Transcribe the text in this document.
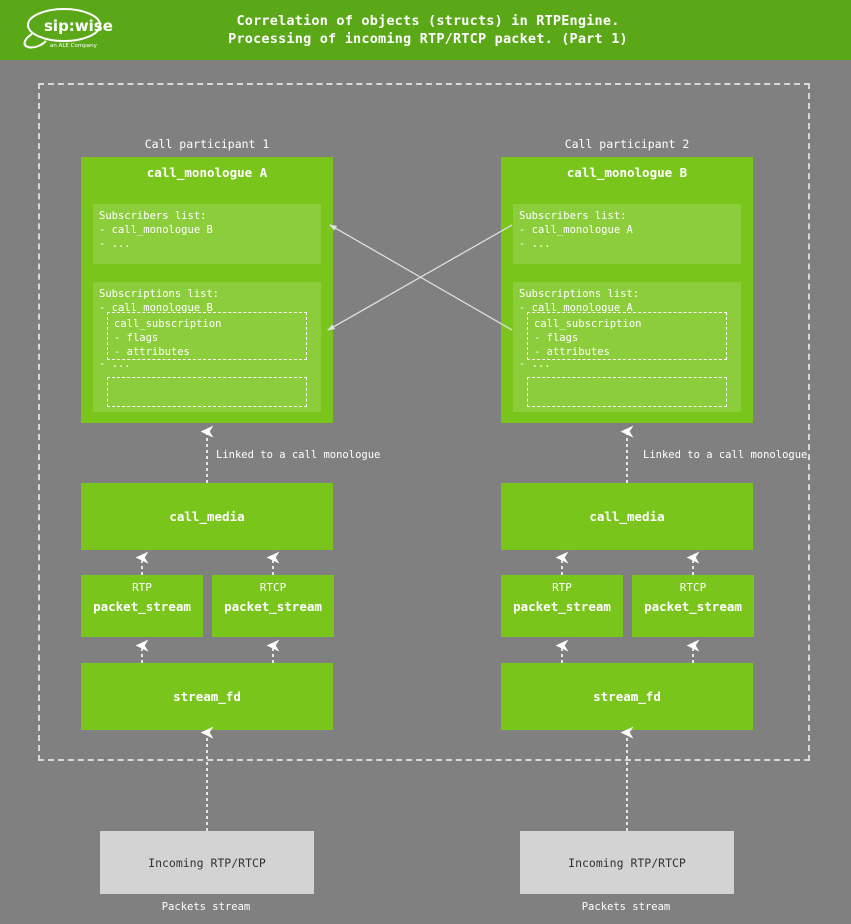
sip:wise
an ALE Company
Correlation of objects (structs) in RTPEngine.
Processing of incoming RTP/RTCP packet. (Part 1)
Call participant 1	Call participant 2
call_monologue A
Subscribers list:
- call_monologue B
- ...
Subscriptions list:
- call monologue B
call_subscription
- flags
- attributes
- ...
call_monologue B
Subscribers list:
- call_monologue A
- ...
Subscriptions list:
- call monologue A
call_subscription
- flags
- attributes
- ...
Linked to a call monologue	Linked to a call monologue
call_media	call_media
RTP
packet_stream
RTCP
packet_stream
RTP
packet_stream
RTCP
packet_stream
stream_fd	stream_fd
Incoming RTP/RTCP	Incoming RTP/RTCP
Packets stream	Packets stream
